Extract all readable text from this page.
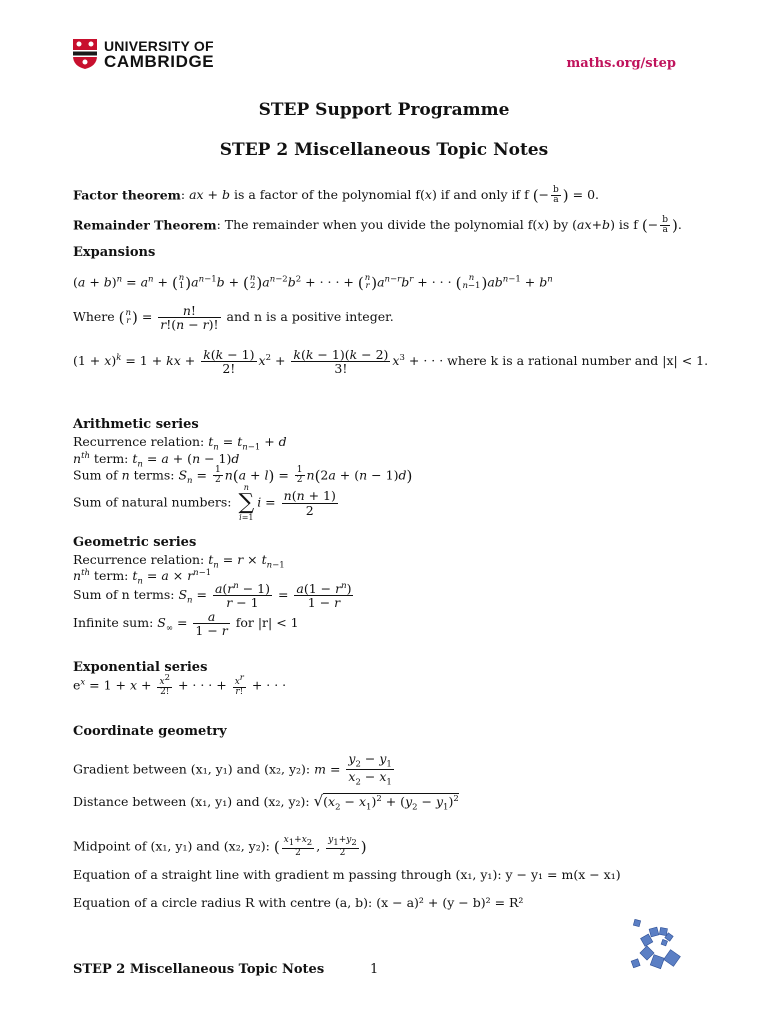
UNIVERSITY OF
CAMBRIDGE	maths.org/step
STEP Support Programme
STEP 2 Miscellaneous Topic Notes
Factor theorem: ax + b is a factor of the polynomial f(x) if and only if f (− $\frac{b}{a}$ ) = 0.
Remainder Theorem: The remainder when you divide the polynomial f(x) by (ax+b) is f (− $\frac{b}{a}$ ).
Expansions
$(a + b)^n = a^n$ + ( n
1 )$a^{n-1}b$ + ( n
2 )$a^{n-2}b^2$ + · · · + ( n
r )$a^{n-r}b^r$ + · · · ( n
n−1 )$ab^{n-1} + b^n$
Where ( n
r ) = $\frac{n!}{r!(n - r)!}$ and n is a positive integer.
$(1 + x)^k = 1$ + kx + $\frac{k(k - 1)}{2!} x^2 + \frac{k(k - 1)(k - 2)}{3!} x^3$ + · · · where k is a rational number and |x| < 1.
Arithmetic series
Recurrence relation: $t_n = t_{n-1} + d$
$n^{th}$ term: $t_n = a + (n - 1)d$
Sum of n terms: $S_n = \frac{1}{2} n(a + l) = \frac{1}{2} n(2a + (n - 1)d)$
Sum of natural numbers:
n
∑
i=1
$i = \frac{n(n + 1)}{2}$
Geometric series
Recurrence relation: $t_n = r \times t_{n-1}$
$n^{th}$ term: $t_n = a \times r^{n-1}$
Sum of n terms: $S_n = \frac{a(r^n - 1)}{r - 1} = \frac{a(1 - r^n)}{1 - r}$
Infinite sum: $S_\infty = \frac{a}{1 - r}$ for |r| < 1
Exponential series
$e^x = 1 + x + \frac{x^2}{2!}$ + · · · + $\frac{x^r}{r!}$ + · · ·
Coordinate geometry
Gradient between (x₁, y₁) and (x₂, y₂): $m = \frac{y_2 - y_1}{x_2 - x_1}$
Distance between (x₁, y₁) and (x₂, y₂): $√(x_2 - x_1)^2 + (y_2 - y_1)^2$
Midpoint of (x₁, y₁) and (x₂, y₂): ( $\frac{x_1+x_2}{2}$ , $\frac{y_1+y_2}{2}$ )
Equation of a straight line with gradient m passing through (x₁, y₁): y − y₁ = m(x − x₁)
Equation of a circle radius R with centre (a, b): (x − a)² + (y − b)² = R²
STEP 2 Miscellaneous Topic Notes	1
